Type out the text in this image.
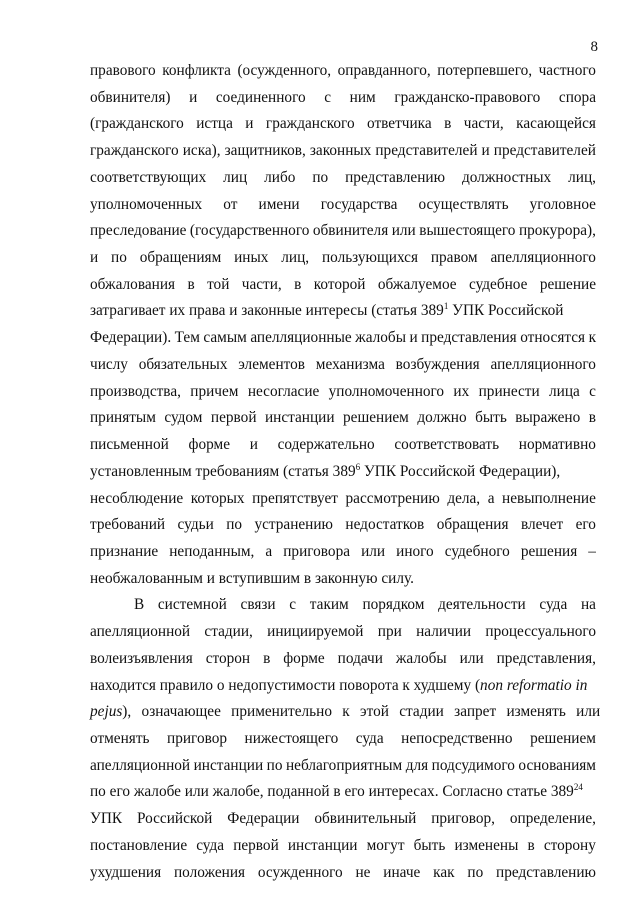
8
правового конфликта (осужденного, оправданного, потерпевшего, частного
обвинителя) и соединенного с ним гражданско-правового спора
(гражданского истца и гражданского ответчика в части, касающейся
гражданского иска), защитников, законных представителей и представителей
соответствующих лиц либо по представлению должностных лиц,
уполномоченных от имени государства осуществлять уголовное
преследование (государственного обвинителя или вышестоящего прокурора),
и по обращениям иных лиц, пользующихся правом апелляционного
обжалования в той части, в которой обжалуемое судебное решение
затрагивает их права и законные интересы (статья $389^1$ УПК Российской
Федерации). Тем самым апелляционные жалобы и представления относятся к
числу обязательных элементов механизма возбуждения апелляционного
производства, причем несогласие уполномоченного их принести лица с
принятым судом первой инстанции решением должно быть выражено в
письменной форме и содержательно соответствовать нормативно
установленным требованиям (статья $389^6$ УПК Российской Федерации),
несоблюдение которых препятствует рассмотрению дела, а невыполнение
требований судьи по устранению недостатков обращения влечет его
признание неподанным, а приговора или иного судебного решения –
необжалованным и вступившим в законную силу.
В системной связи с таким порядком деятельности суда на
апелляционной стадии, инициируемой при наличии процессуального
волеизъявления сторон в форме подачи жалобы или представления,
находится правило о недопустимости поворота к худшему (non reformatio in
pejus), означающее применительно к этой стадии запрет изменять или
отменять приговор нижестоящего суда непосредственно решением
апелляционной инстанции по неблагоприятным для подсудимого основаниям
по его жалобе или жалобе, поданной в его интересах. Согласно статье $389^{24}$
УПК Российской Федерации обвинительный приговор, определение,
постановление суда первой инстанции могут быть изменены в сторону
ухудшения положения осужденного не иначе как по представлению
